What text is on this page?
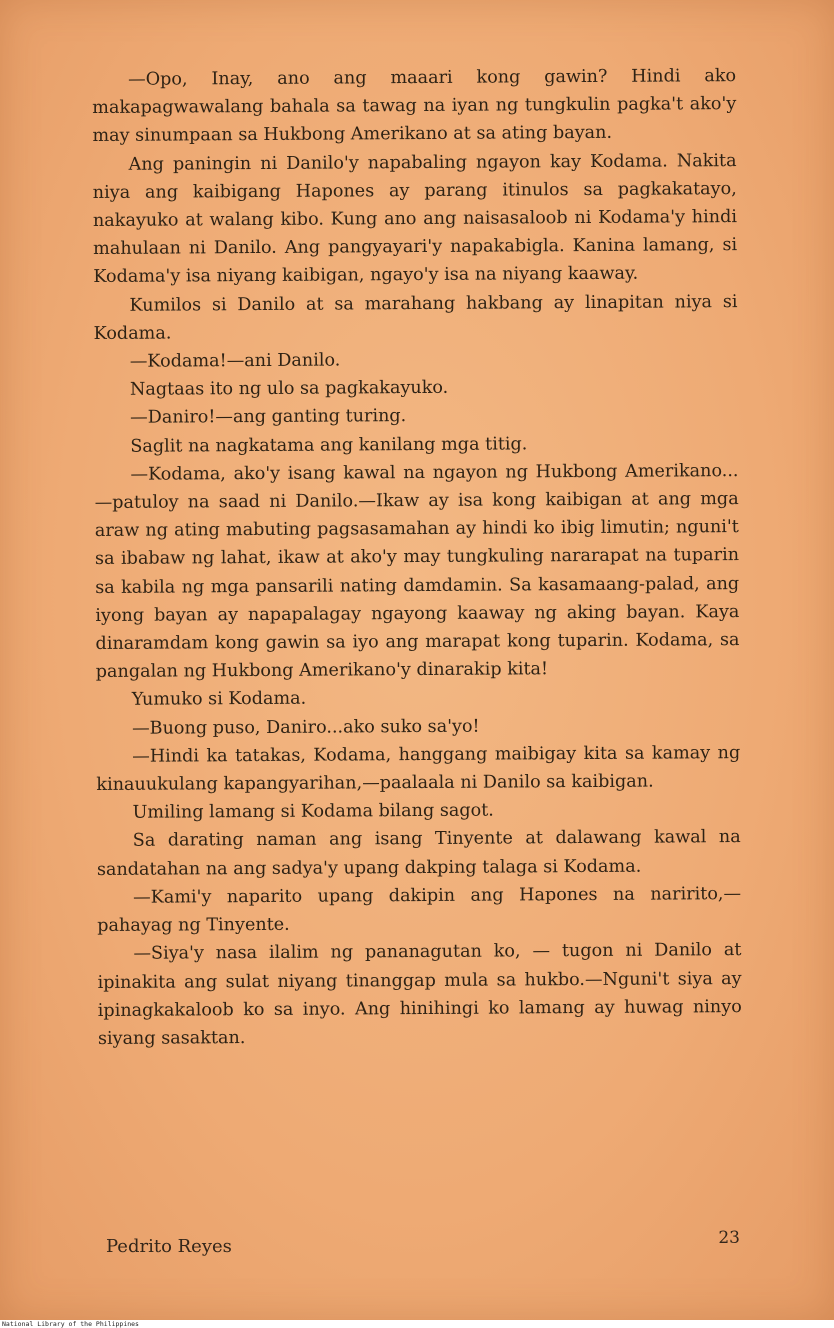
—Opo, Inay, ano ang maaari kong gawin? Hindi ako makapagwawalang bahala sa tawag na iyan ng tungkulin pagka't ako'y may sinumpaan sa Hukbong Amerikano at sa ating bayan.

Ang paningin ni Danilo'y napabaling ngayon kay Kodama. Nakita niya ang kaibigang Hapones ay parang itinulos sa pagkakatayo, nakayuko at walang kibo. Kung ano ang naisasaloob ni Kodama'y hindi mahulaan ni Danilo. Ang pangyayari'y napakabigla. Kanina lamang, si Kodama'y isa niyang kaibigan, ngayo'y isa na niyang kaaway.

Kumilos si Danilo at sa marahang hakbang ay linapitan niya si Kodama.

—Kodama!—ani Danilo.

Nagtaas ito ng ulo sa pagkakayuko.

—Daniro!—ang ganting turing.

Saglit na nagkatama ang kanilang mga titig.

—Kodama, ako'y isang kawal na ngayon ng Hukbong Amerikano... —patuloy na saad ni Danilo.—Ikaw ay isa kong kaibigan at ang mga araw ng ating mabuting pagsasamahan ay hindi ko ibig limutin; nguni't sa ibabaw ng lahat, ikaw at ako'y may tungkuling nararapat na tuparin sa kabila ng mga pansarili nating damdamin. Sa kasamaang-palad, ang iyong bayan ay napapalagay ngayong kaaway ng aking bayan. Kaya dinaramdam kong gawin sa iyo ang marapat kong tuparin. Kodama, sa pangalan ng Hukbong Amerikano'y dinarakip kita!

Yumuko si Kodama.

—Buong puso, Daniro...ako suko sa'yo!

—Hindi ka tatakas, Kodama, hanggang maibigay kita sa kamay ng kinauukulang kapangyarihan,—paalaala ni Danilo sa kaibigan.

Umiling lamang si Kodama bilang sagot.

Sa darating naman ang isang Tinyente at dalawang kawal na sandatahan na ang sadya'y upang dakping talaga si Kodama.

—Kami'y naparito upang dakipin ang Hapones na naririto,—pahayag ng Tinyente.

—Siya'y nasa ilalim ng pananagutan ko, — tugon ni Danilo at ipinakita ang sulat niyang tinanggap mula sa hukbo.—Nguni't siya ay ipinagkakaloob ko sa inyo. Ang hinihingi ko lamang ay huwag ninyo siyang sasaktan.

Pedrito Reyes	23
National Library of the Philippines
